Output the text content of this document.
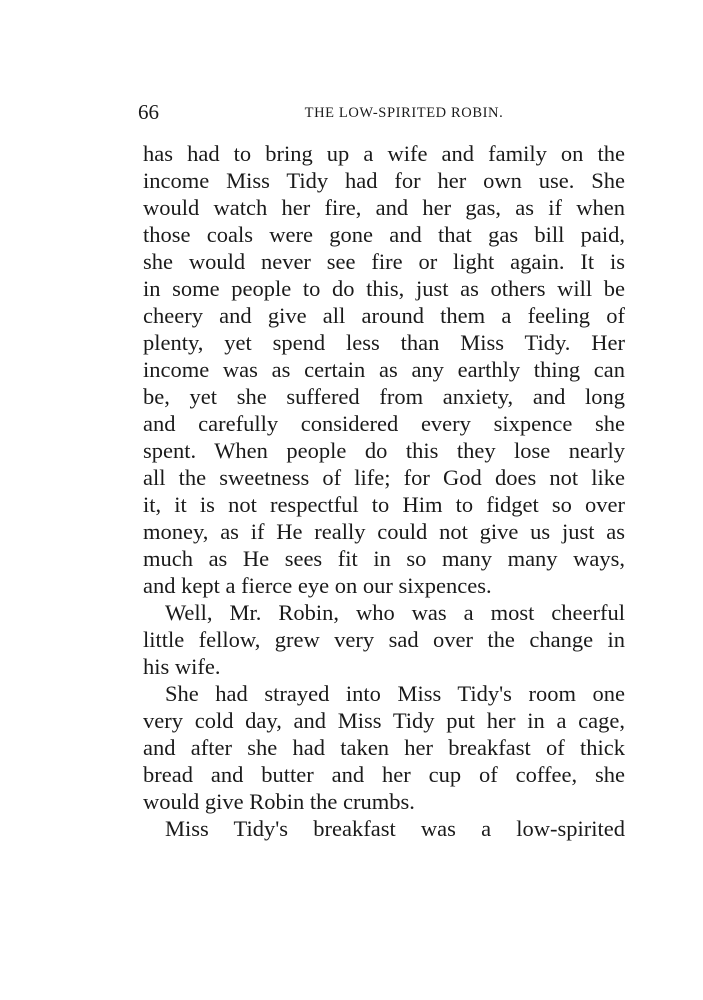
66	THE LOW-SPIRITED ROBIN.
has had to bring up a wife and family on the
income Miss Tidy had for her own use. She
would watch her fire, and her gas, as if when
those coals were gone and that gas bill paid,
she would never see fire or light again. It is
in some people to do this, just as others will be
cheery and give all around them a feeling of
plenty, yet spend less than Miss Tidy. Her
income was as certain as any earthly thing can
be, yet she suffered from anxiety, and long
and carefully considered every sixpence she
spent. When people do this they lose nearly
all the sweetness of life; for God does not like
it, it is not respectful to Him to fidget so over
money, as if He really could not give us just as
much as He sees fit in so many many ways,
and kept a fierce eye on our sixpences.
Well, Mr. Robin, who was a most cheerful
little fellow, grew very sad over the change in
his wife.
She had strayed into Miss Tidy's room one
very cold day, and Miss Tidy put her in a cage,
and after she had taken her breakfast of thick
bread and butter and her cup of coffee, she
would give Robin the crumbs.
Miss Tidy's breakfast was a low-spirited
